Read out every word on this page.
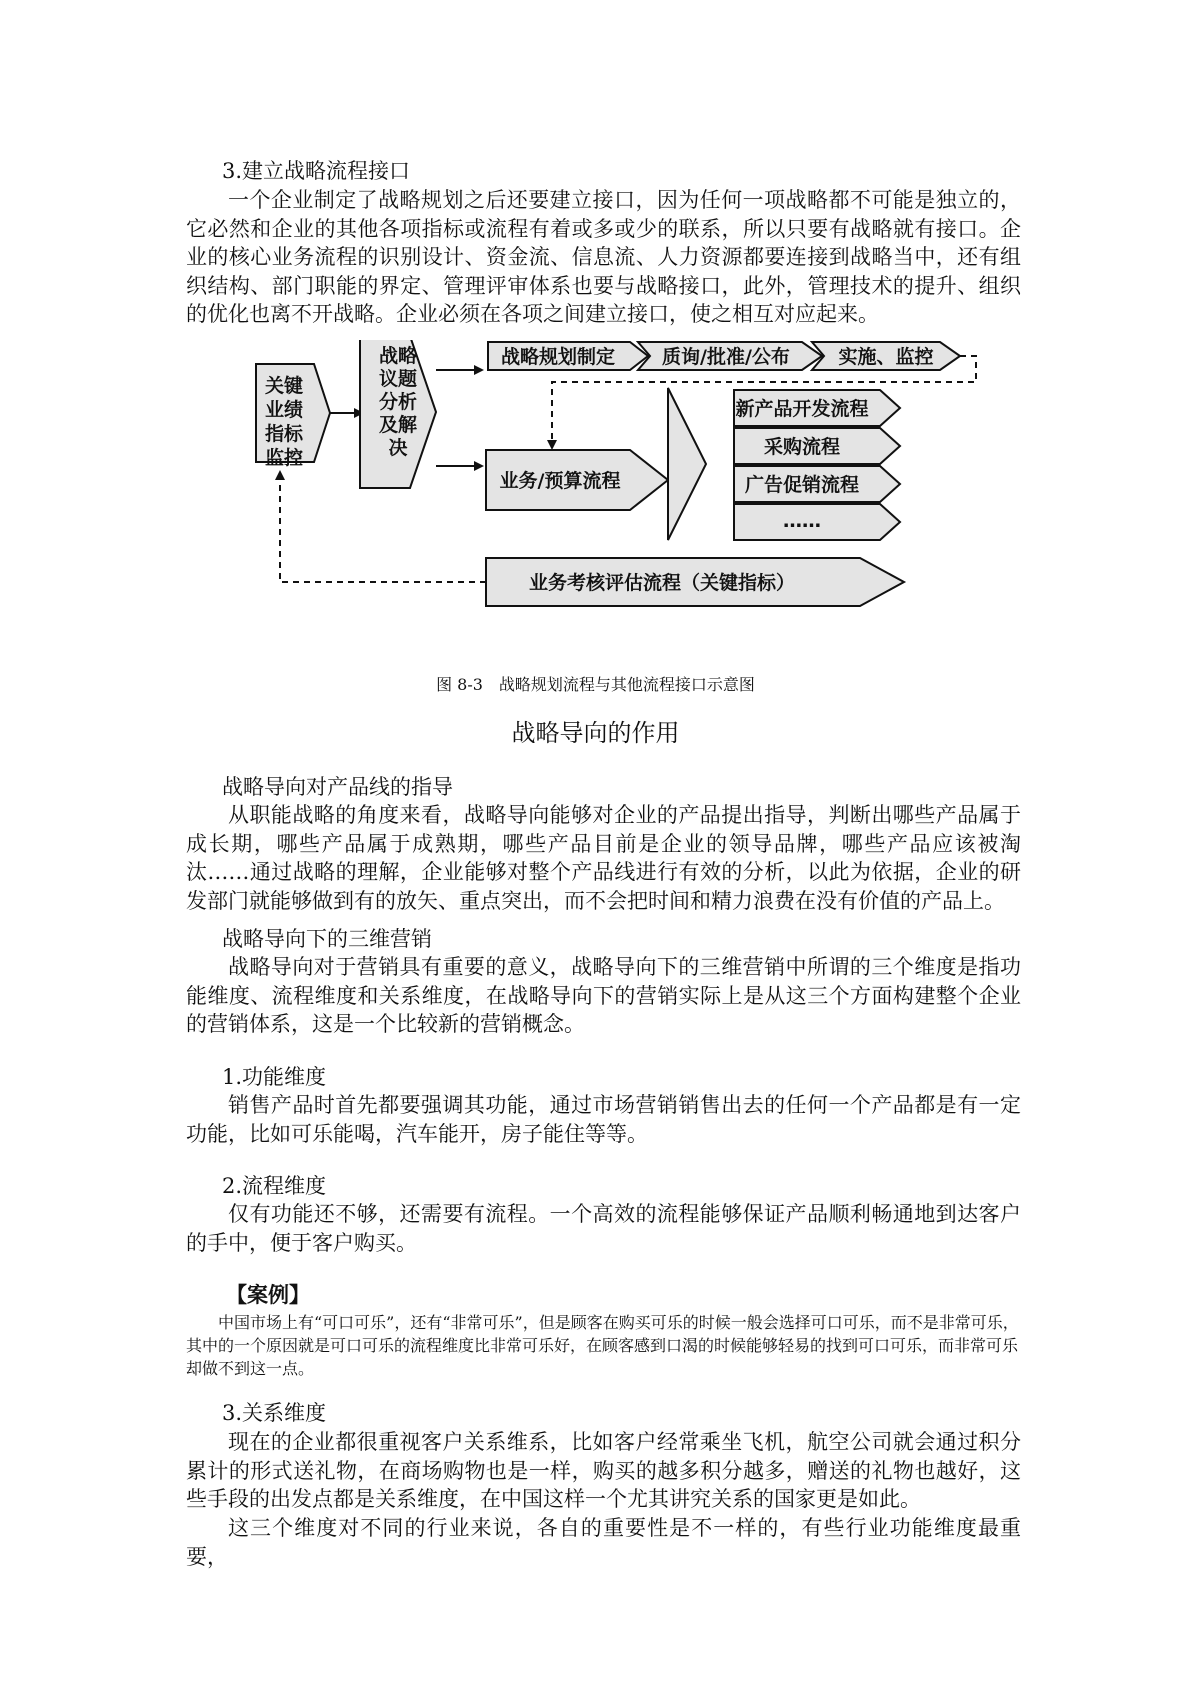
3.建立战略流程接口

一个企业制定了战略规划之后还要建立接口，因为任何一项战略都不可能是独立的，它必然和企业的其他各项指标或流程有着或多或少的联系，所以只要有战略就有接口。企业的核心业务流程的识别设计、资金流、信息流、人力资源都要连接到战略当中，还有组织结构、部门职能的界定、管理评审体系也要与战略接口，此外，管理技术的提升、组织的优化也离不开战略。企业必须在各项之间建立接口，使之相互对应起来。

关键
业绩
指标
监控
战略
议题
分析
及解
决
战略规划制定 质询/批准/公布	实施、监控
业务/预算流程
新产品开发流程
采购流程
广告促销流程
……
业务考核评估流程（关键指标）
图 8-3　战略规划流程与其他流程接口示意图
战略导向的作用

战略导向对产品线的指导

从职能战略的角度来看，战略导向能够对企业的产品提出指导，判断出哪些产品属于成长期，哪些产品属于成熟期，哪些产品目前是企业的领导品牌，哪些产品应该被淘汰……通过战略的理解，企业能够对整个产品线进行有效的分析，以此为依据，企业的研发部门就能够做到有的放矢、重点突出，而不会把时间和精力浪费在没有价值的产品上。

战略导向下的三维营销

战略导向对于营销具有重要的意义，战略导向下的三维营销中所谓的三个维度是指功能维度、流程维度和关系维度，在战略导向下的营销实际上是从这三个方面构建整个企业的营销体系，这是一个比较新的营销概念。

1.功能维度

销售产品时首先都要强调其功能，通过市场营销销售出去的任何一个产品都是有一定功能，比如可乐能喝，汽车能开，房子能住等等。

2.流程维度

仅有功能还不够，还需要有流程。一个高效的流程能够保证产品顺利畅通地到达客户的手中，便于客户购买。

【案例】

中国市场上有“可口可乐”，还有“非常可乐”，但是顾客在购买可乐的时候一般会选择可口可乐，而不是非常可乐，其中的一个原因就是可口可乐的流程维度比非常可乐好，在顾客感到口渴的时候能够轻易的找到可口可乐，而非常可乐却做不到这一点。

3.关系维度

现在的企业都很重视客户关系维系，比如客户经常乘坐飞机，航空公司就会通过积分累计的形式送礼物，在商场购物也是一样，购买的越多积分越多，赠送的礼物也越好，这些手段的出发点都是关系维度，在中国这样一个尤其讲究关系的国家更是如此。

这三个维度对不同的行业来说，各自的重要性是不一样的，有些行业功能维度最重要，
